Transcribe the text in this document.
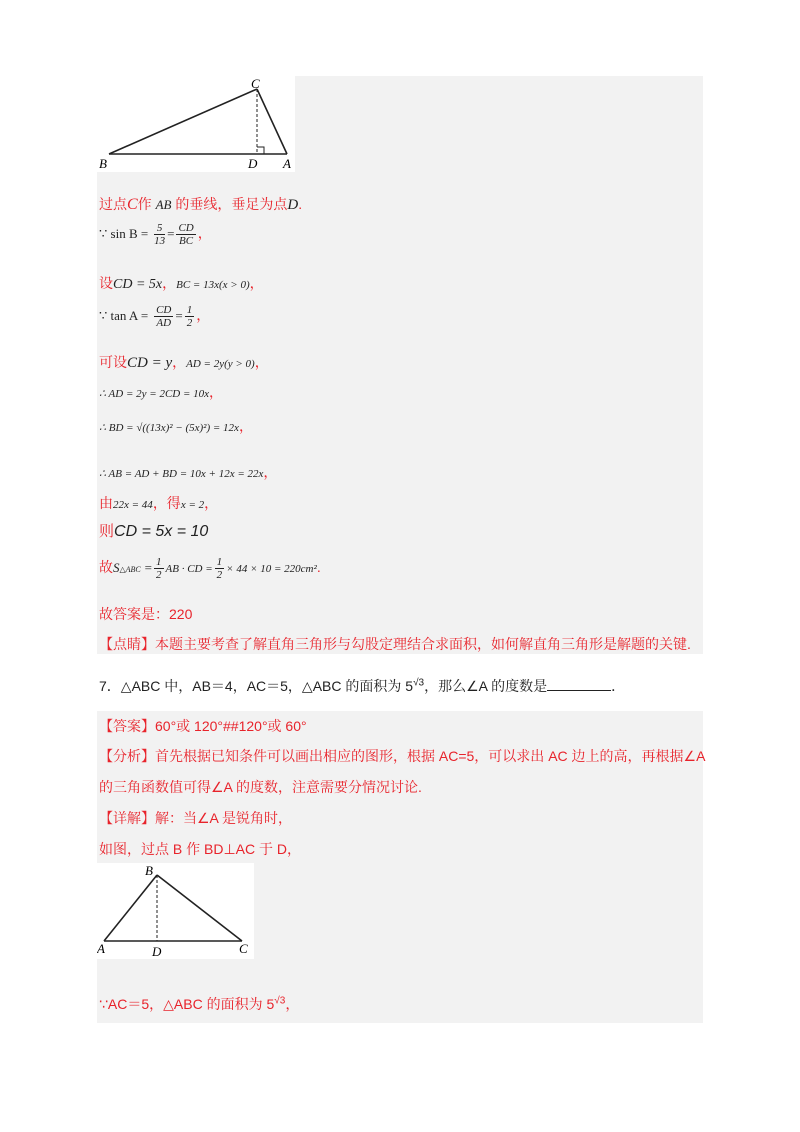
C
B	D A
过点C作 AB 的垂线，垂足为点D.
∵ $\sin B = \frac{5}{13} = \frac{CD}{BC}$ ，
设CD = 5x，BC = 13x(x > 0)，
∵ $\tan A = \frac{CD}{AD} = \frac{1}{2}$ ，
可设CD = y，AD = 2y(y > 0)，
∴ AD = 2y = 2CD = 10x，
∴ BD = √((13x)² − (5x)²) = 12x，
∴ AB = AD + BD = 10x + 12x = 22x，
由22x = 44，得x = 2，
则CD = 5x = 10
故S△ABC = $\frac{1}{2}$ AB · CD = $\frac{1}{2} \times 44 \times 10 = 220cm^2$.
故答案是：220
【点睛】本题主要考查了解直角三角形与勾股定理结合求面积，如何解直角三角形是解题的关键.
7．△ABC 中，AB＝4，AC＝5，△ABC 的面积为 $5^{√3}$，那么∠A 的度数是	．
【答案】60°或 120°##120°或 60°
【分析】首先根据已知条件可以画出相应的图形，根据 AC=5，可以求出 AC 边上的高，再根据∠A
的三角函数值可得∠A 的度数，注意需要分情况讨论.
【详解】解：当∠A 是锐角时，
如图，过点 B 作 BD⊥AC 于 D，
B
A	D	C
∵AC＝5，△ABC 的面积为 $5^{√3}$，
